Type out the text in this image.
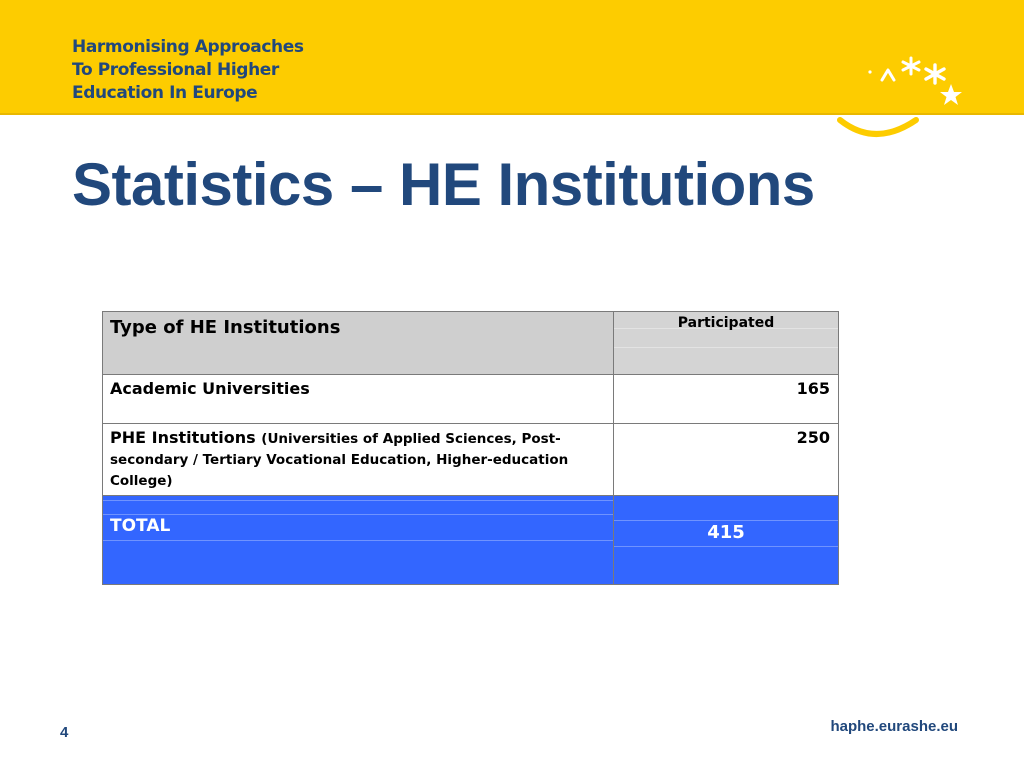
Harmonising Approaches
To Professional Higher
Education In Europe
Statistics – HE Institutions
Type of HE Institutions	Participated
Academic Universities	165
PHE Institutions (Universities of Applied Sciences, Post-secondary / Tertiary Vocational Education, Higher-education College)	250
TOTAL	415
4	haphe.eurashe.eu
